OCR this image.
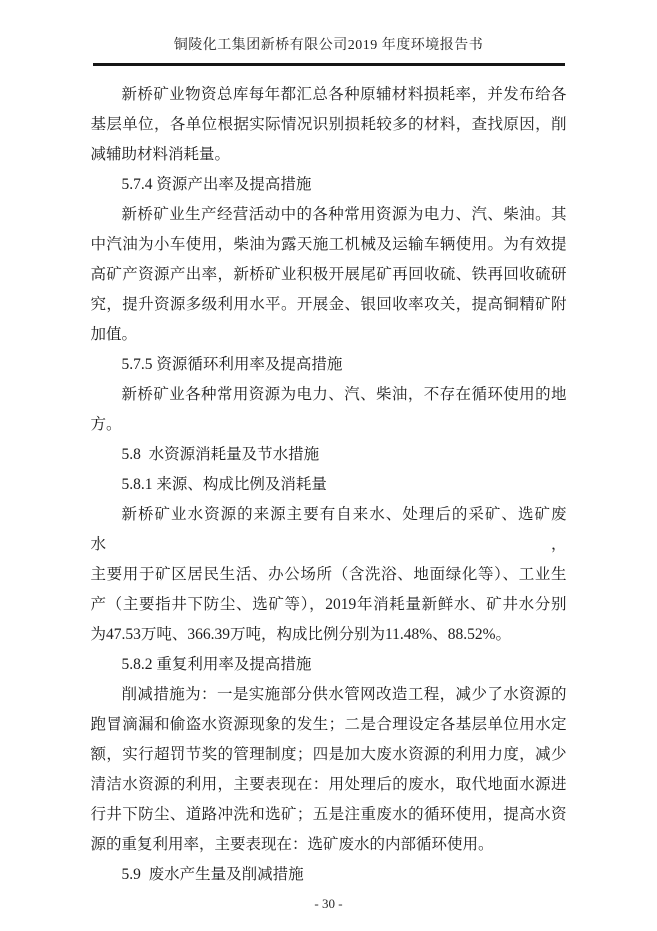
铜陵化工集团新桥有限公司2019 年度环境报告书
新桥矿业物资总库每年都汇总各种原辅材料损耗率，并发布给各
基层单位，各单位根据实际情况识别损耗较多的材料，查找原因，削
减辅助材料消耗量。
5.7.4 资源产出率及提高措施
新桥矿业生产经营活动中的各种常用资源为电力、汽、柴油。其
中汽油为小车使用，柴油为露天施工机械及运输车辆使用。为有效提
高矿产资源产出率，新桥矿业积极开展尾矿再回收硫、铁再回收硫研
究，提升资源多级利用水平。开展金、银回收率攻关，提高铜精矿附
加值。
5.7.5 资源循环利用率及提高措施
新桥矿业各种常用资源为电力、汽、柴油，不存在循环使用的地
方。
5.8  水资源消耗量及节水措施
5.8.1 来源、构成比例及消耗量
新桥矿业水资源的来源主要有自来水、处理后的采矿、选矿废水，
主要用于矿区居民生活、办公场所（含洗浴、地面绿化等）、工业生
产（主要指井下防尘、选矿等），2019年消耗量新鲜水、矿井水分别
为47.53万吨、366.39万吨，构成比例分别为11.48%、88.52%。
5.8.2 重复利用率及提高措施
削减措施为：一是实施部分供水管网改造工程，减少了水资源的
跑冒滴漏和偷盗水资源现象的发生；二是合理设定各基层单位用水定
额，实行超罚节奖的管理制度；四是加大废水资源的利用力度，减少
清洁水资源的利用，主要表现在：用处理后的废水，取代地面水源进
行井下防尘、道路冲洗和选矿；五是注重废水的循环使用，提高水资
源的重复利用率，主要表现在：选矿废水的内部循环使用。
5.9  废水产生量及削减措施
- 30 -
